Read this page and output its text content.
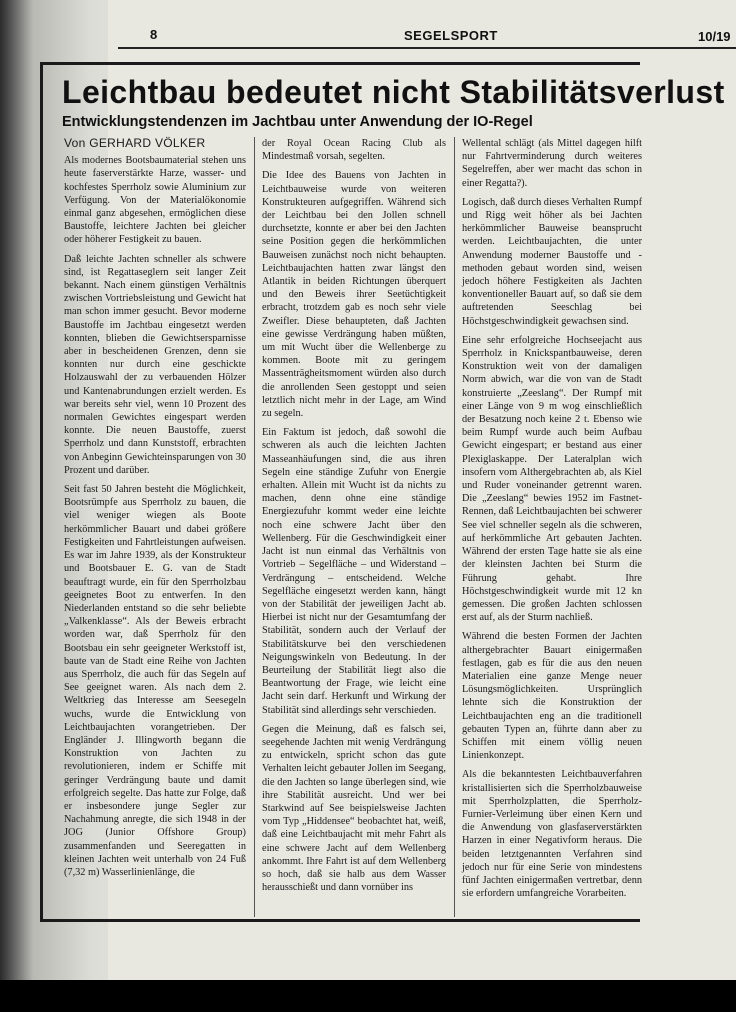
8	SEGELSPORT	10/19
Leichtbau bedeutet nicht Stabilitätsverlust
Entwicklungstendenzen im Jachtbau unter Anwendung der IO-Regel
Von GERHARD VÖLKER

Als modernes Bootsbaumaterial stehen uns heute faserverstärkte Harze, wasser- und kochfestes Sperrholz sowie Aluminium zur Verfügung. Von der Materialökonomie einmal ganz abgesehen, ermöglichen diese Baustoffe, leichtere Jachten bei gleicher oder höherer Festigkeit zu bauen.

Daß leichte Jachten schneller als schwere sind, ist Regattaseglern seit langer Zeit bekannt. Nach einem günstigen Verhältnis zwischen Vortriebsleistung und Gewicht hat man schon immer gesucht. Bevor moderne Baustoffe im Jachtbau eingesetzt werden konnten, blieben die Gewichtsersparnisse aber in bescheidenen Grenzen, denn sie konnten nur durch eine geschickte Holzauswahl der zu verbauenden Hölzer und Kantenabrundungen erzielt werden. Es war bereits sehr viel, wenn 10 Prozent des normalen Gewichtes eingespart werden konnte. Die neuen Baustoffe, zuerst Sperrholz und dann Kunststoff, erbrachten von Anbeginn Gewichteinsparungen von 30 Prozent und darüber.

Seit fast 50 Jahren besteht die Möglichkeit, Bootsrümpfe aus Sperrholz zu bauen, die viel weniger wiegen als Boote herkömmlicher Bauart und dabei größere Festigkeiten und Fahrtleistungen aufweisen. Es war im Jahre 1939, als der Konstrukteur und Bootsbauer E. G. van de Stadt beauftragt wurde, ein für den Sperrholzbau geeignetes Boot zu entwerfen. In den Niederlanden entstand so die sehr beliebte „Valkenklasse“. Als der Beweis erbracht worden war, daß Sperrholz für den Bootsbau ein sehr geeigneter Werkstoff ist, baute van de Stadt eine Reihe von Jachten aus Sperrholz, die auch für das Segeln auf See geeignet waren. Als nach dem 2. Weltkrieg das Interesse am Seesegeln wuchs, wurde die Entwicklung von Leichtbaujachten vorangetrieben. Der Engländer J. Illingworth begann die Konstruktion von Jachten zu revolutionieren, indem er Schiffe mit geringer Verdrängung baute und damit erfolgreich segelte. Das hatte zur Folge, daß er insbesondere junge Segler zur Nachahmung anregte, die sich 1948 in der JOG (Junior Offshore Group) zusammenfanden und Seeregatten in kleinen Jachten weit unterhalb von 24 Fuß (7,32 m) Wasserlinienlänge, die

der Royal Ocean Racing Club als Mindestmaß vorsah, segelten.

Die Idee des Bauens von Jachten in Leichtbauweise wurde von weiteren Konstrukteuren aufgegriffen. Während sich der Leichtbau bei den Jollen schnell durchsetzte, konnte er aber bei den Jachten seine Position gegen die herkömmlichen Bauweisen zunächst noch nicht behaupten. Leichtbaujachten hatten zwar längst den Atlantik in beiden Richtungen überquert und den Beweis ihrer Seetüchtigkeit erbracht, trotzdem gab es noch sehr viele Zweifler. Diese behaupteten, daß Jachten eine gewisse Verdrängung haben müßten, um mit Wucht über die Wellenberge zu kommen. Boote mit zu geringem Massenträgheitsmoment würden also durch die anrollenden Seen gestoppt und seien letztlich nicht mehr in der Lage, am Wind zu segeln.

Ein Faktum ist jedoch, daß sowohl die schweren als auch die leichten Jachten Masseanhäufungen sind, die aus ihren Segeln eine ständige Zufuhr von Energie erhalten. Allein mit Wucht ist da nichts zu machen, denn ohne eine ständige Energiezufuhr kommt weder eine leichte noch eine schwere Jacht über den Wellenberg. Für die Geschwindigkeit einer Jacht ist nun einmal das Verhältnis von Vortrieb – Segelfläche – und Widerstand – Verdrängung – entscheidend. Welche Segelfläche eingesetzt werden kann, hängt von der Stabilität der jeweiligen Jacht ab. Hierbei ist nicht nur der Gesamtumfang der Stabilität, sondern auch der Verlauf der Stabilitätskurve bei den verschiedenen Neigungswinkeln von Bedeutung. In der Beurteilung der Stabilität liegt also die Beantwortung der Frage, wie leicht eine Jacht sein darf. Herkunft und Wirkung der Stabilität sind allerdings sehr verschieden.

Gegen die Meinung, daß es falsch sei, seegehende Jachten mit wenig Verdrängung zu entwickeln, spricht schon das gute Verhalten leicht gebauter Jollen im Seegang, die den Jachten so lange überlegen sind, wie ihre Stabilität ausreicht. Und wer bei Starkwind auf See beispielsweise Jachten vom Typ „Hiddensee“ beobachtet hat, weiß, daß eine Leichtbaujacht mit mehr Fahrt als eine schwere Jacht auf dem Wellenberg ankommt. Ihre Fahrt ist auf dem Wellenberg so hoch, daß sie halb aus dem Wasser herausschießt und dann vornüber ins

Wellental schlägt (als Mittel dagegen hilft nur Fahrtverminderung durch weiteres Segelreffen, aber wer macht das schon in einer Regatta?).

Logisch, daß durch dieses Verhalten Rumpf und Rigg weit höher als bei Jachten herkömmlicher Bauweise beansprucht werden. Leichtbaujachten, die unter Anwendung moderner Baustoffe und -methoden gebaut worden sind, weisen jedoch höhere Festigkeiten als Jachten konventioneller Bauart auf, so daß sie dem auftretenden Seeschlag bei Höchstgeschwindigkeit gewachsen sind.

Eine sehr erfolgreiche Hochseejacht aus Sperrholz in Knickspantbauweise, deren Konstruktion weit von der damaligen Norm abwich, war die von van de Stadt konstruierte „Zeeslang“. Der Rumpf mit einer Länge von 9 m wog einschließlich der Besatzung noch keine 2 t. Ebenso wie beim Rumpf wurde auch beim Aufbau Gewicht eingespart; er bestand aus einer Plexiglaskappe. Der Lateralplan wich insofern vom Althergebrachten ab, als Kiel und Ruder voneinander getrennt waren. Die „Zeeslang“ bewies 1952 im Fastnet-Rennen, daß Leichtbaujachten bei schwerer See viel schneller segeln als die schweren, auf herkömmliche Art gebauten Jachten. Während der ersten Tage hatte sie als eine der kleinsten Jachten bei Sturm die Führung gehabt. Ihre Höchstgeschwindigkeit wurde mit 12 kn gemessen. Die großen Jachten schlossen erst auf, als der Sturm nachließ.

Während die besten Formen der Jachten althergebrachter Bauart einigermaßen festlagen, gab es für die aus den neuen Materialien eine ganze Menge neuer Lösungsmöglichkeiten. Ursprünglich lehnte sich die Konstruktion der Leichtbaujachten eng an die traditionell gebauten Typen an, führte dann aber zu Schiffen mit einem völlig neuen Linienkonzept.

Als die bekanntesten Leichtbauverfahren kristallisierten sich die Sperrholzbauweise mit Sperrholzplatten, die Sperrholz-Furnier-Verleimung über einen Kern und die Anwendung von glasfaserverstärkten Harzen in einer Negativform heraus. Die beiden letztgenannten Verfahren sind jedoch nur für eine Serie von mindestens fünf Jachten einigermaßen vertretbar, denn sie erfordern umfangreiche Vorarbeiten.
